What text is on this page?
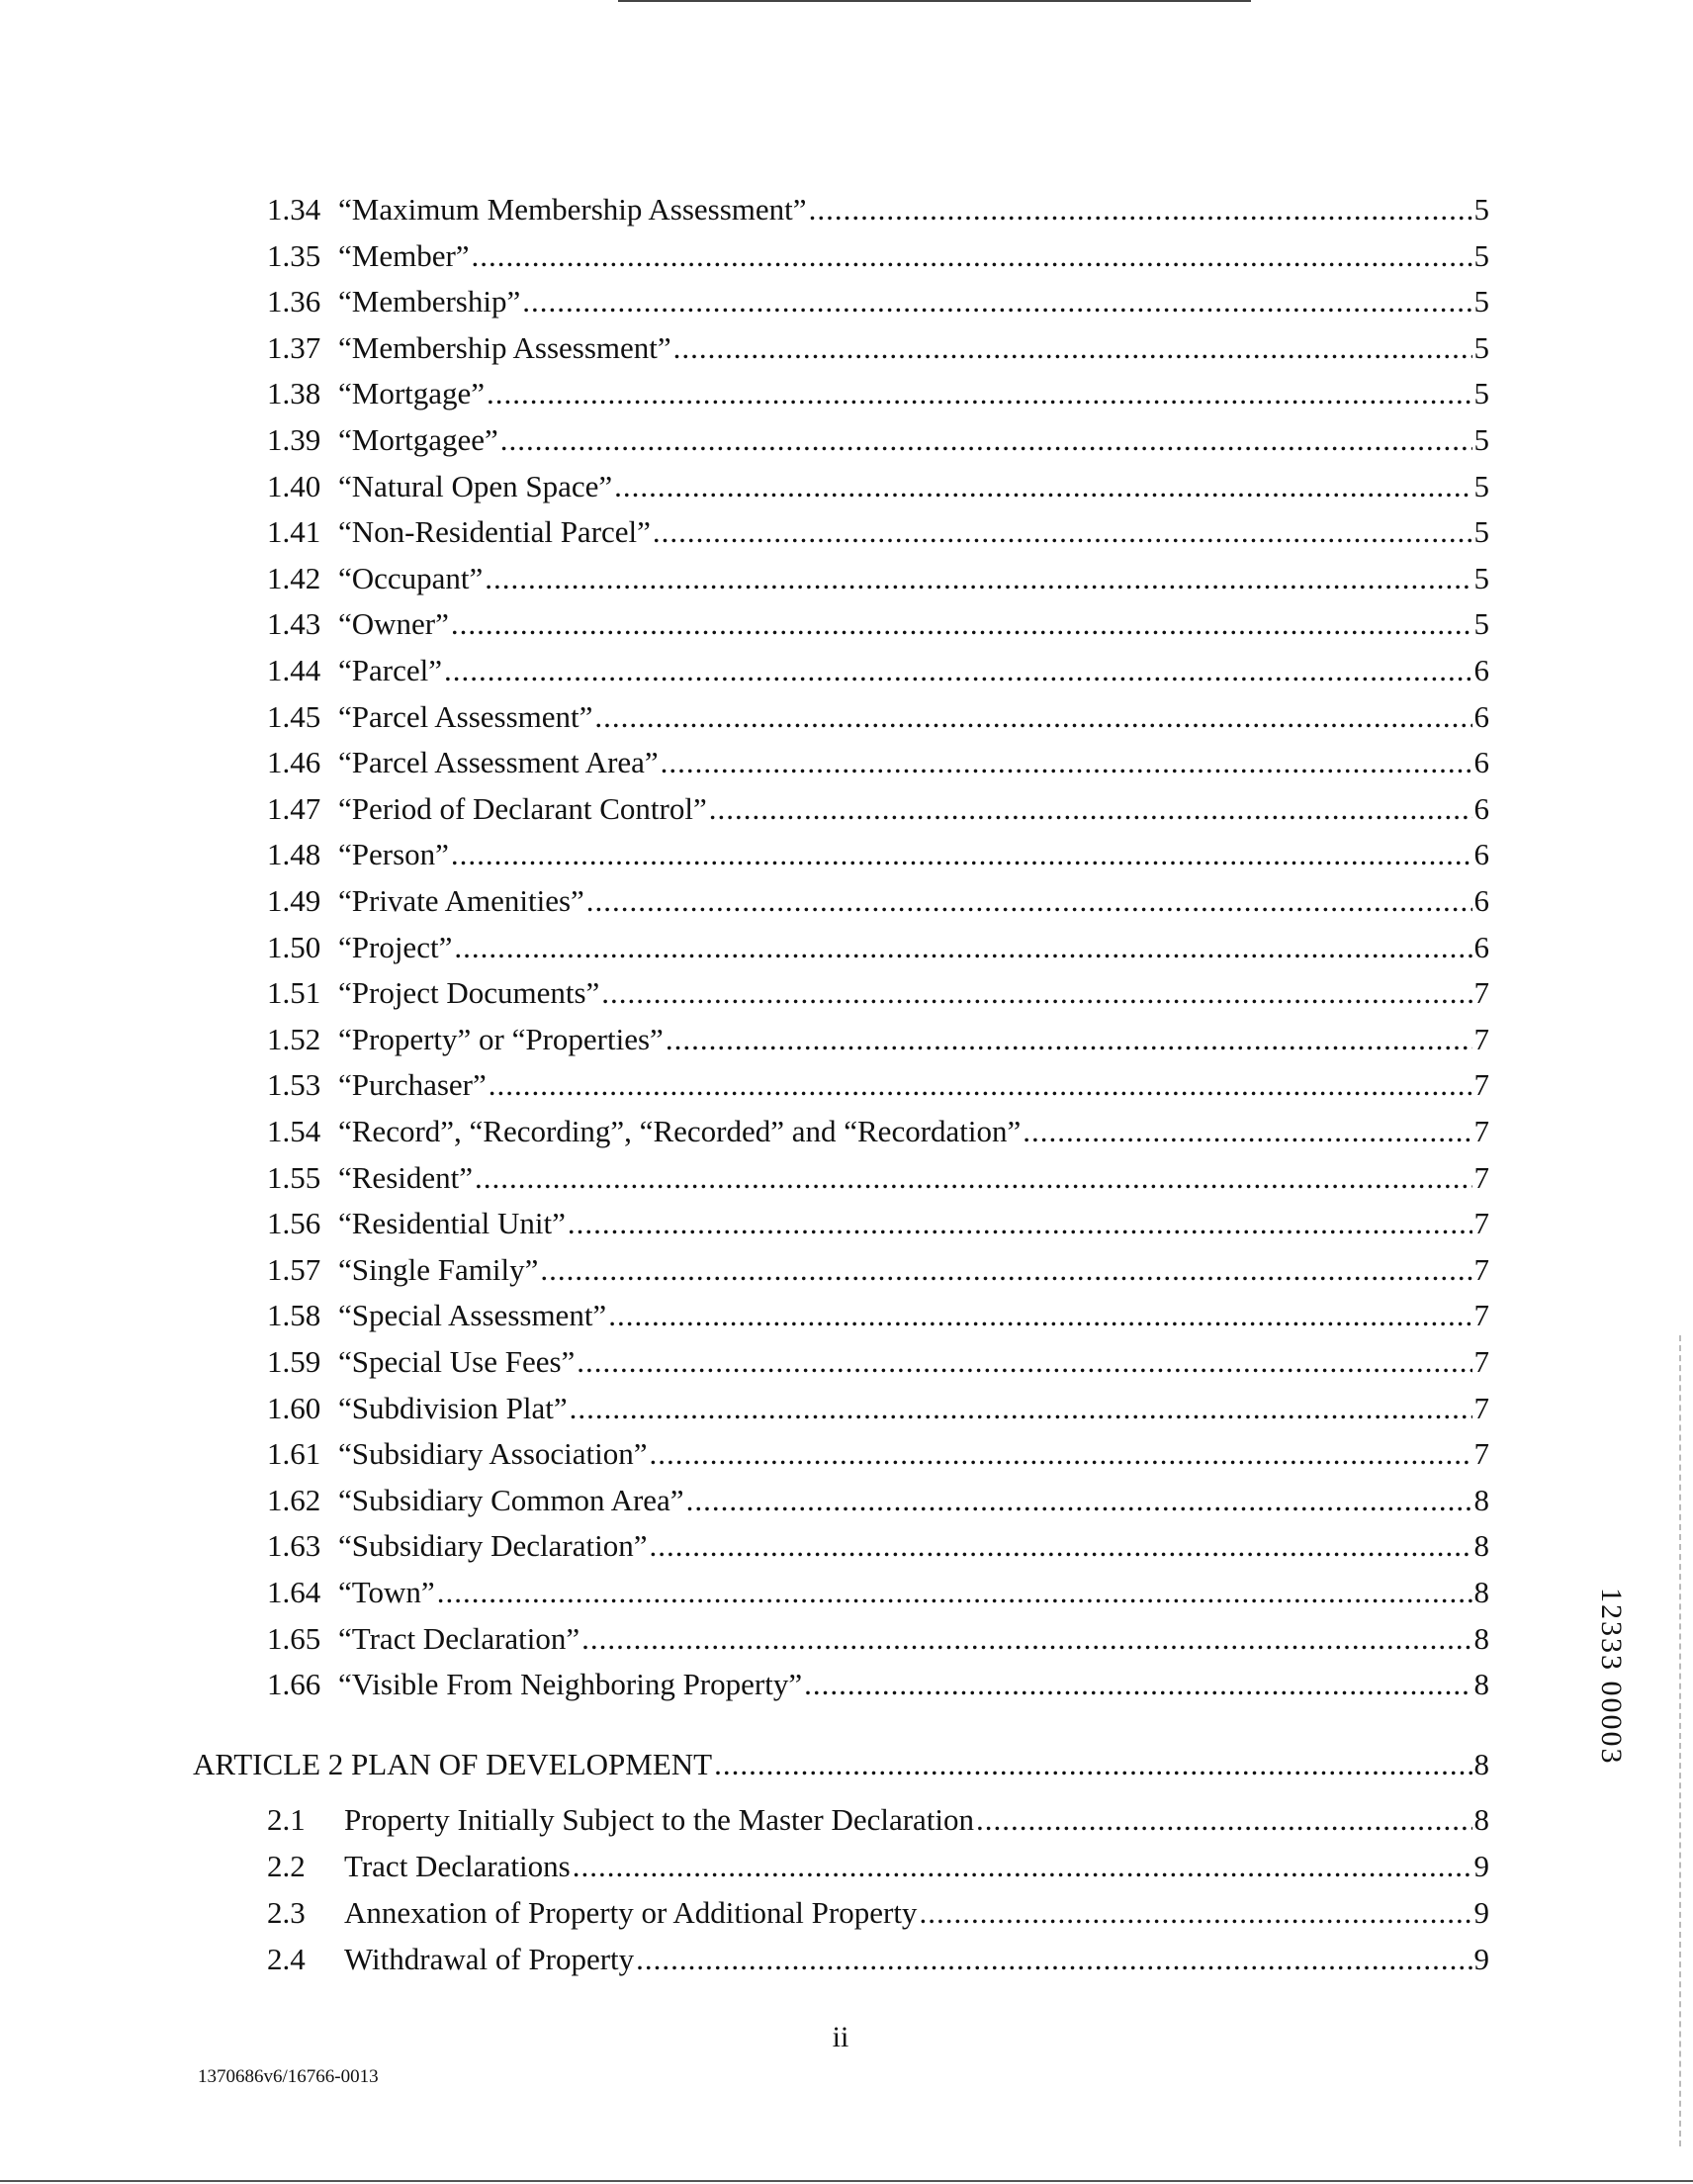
1.34 “Maximum Membership Assessment” .....	5
1.35 “Member” .....	5
1.36 “Membership” .....	5
1.37 “Membership Assessment” .....	5
1.38 “Mortgage” .....	5
1.39 “Mortgagee” .....	5
1.40 “Natural Open Space” .....	5
1.41 “Non-Residential Parcel” .....	5
1.42 “Occupant” .....	5
1.43 “Owner” .....	5
1.44 “Parcel” .....	6
1.45 “Parcel Assessment” .....	6
1.46 “Parcel Assessment Area” .....	6
1.47 “Period of Declarant Control” .....	6
1.48 “Person” .....	6
1.49 “Private Amenities” .....	6
1.50 “Project” .....	6
1.51 “Project Documents” .....	7
1.52 “Property” or “Properties” .....	7
1.53 “Purchaser” .....	7
1.54 “Record”, “Recording”, “Recorded” and “Recordation” .....	7
1.55 “Resident” .....	7
1.56 “Residential Unit” .....	7
1.57 “Single Family” .....	7
1.58 “Special Assessment” .....	7
1.59 “Special Use Fees” .....	7
1.60 “Subdivision Plat” .....	7
1.61 “Subsidiary Association” .....	7
1.62 “Subsidiary Common Area” .....	8
1.63 “Subsidiary Declaration” .....	8
1.64 “Town” .....	8
1.65 “Tract Declaration” .....	8
1.66 “Visible From Neighboring Property” .....	8
ARTICLE 2 PLAN OF DEVELOPMENT .....	8
2.1	Property Initially Subject to the Master Declaration .....	8
2.2	Tract Declarations .....	9
2.3	Annexation of Property or Additional Property .....	9
2.4	Withdrawal of Property .....	9
ii
1370686v6/16766-0013
12333 00003
